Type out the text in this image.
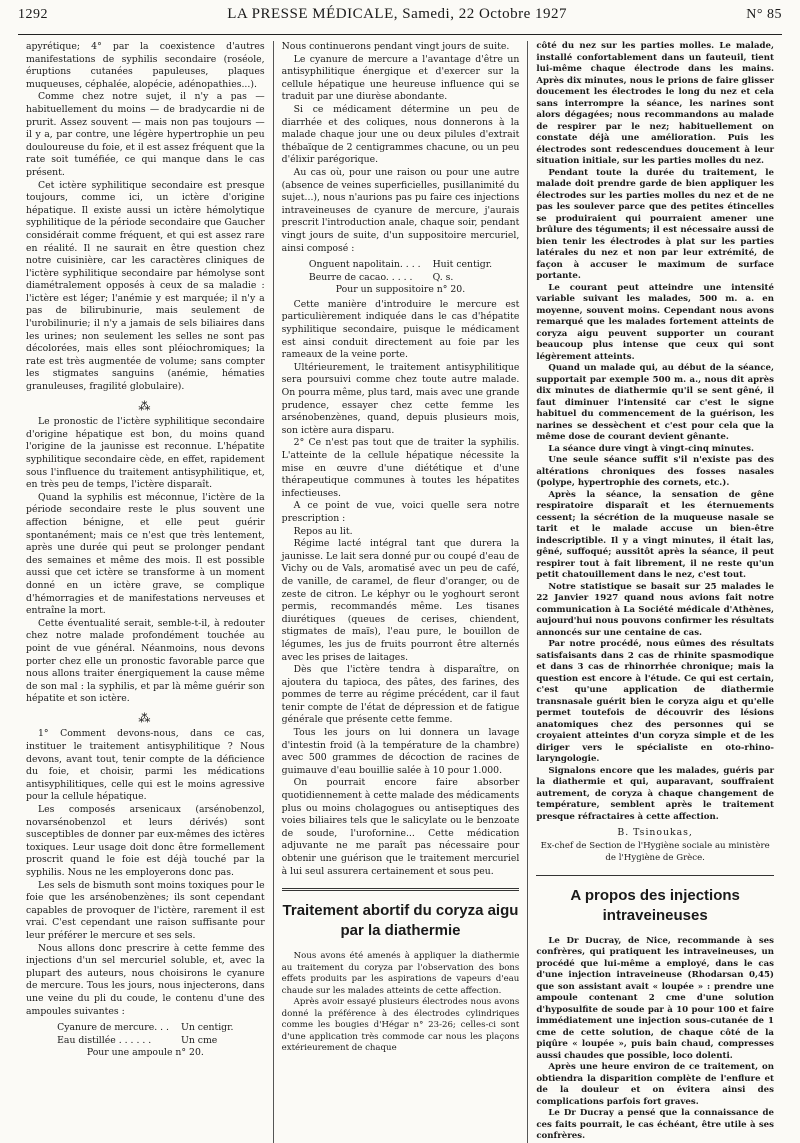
1292	LA PRESSE MÉDICALE, Samedi, 22 Octobre 1927	N° 85

apyrétique; 4° par la coexistence d'autres manifestations de syphilis secondaire (roséole, éruptions cutanées papuleuses, plaques muqueuses, céphalée, alopécie, adénopathies...).

Comme chez notre sujet, il n'y a pas — habituellement du moins — de bradycardie ni de prurit. Assez souvent — mais non pas toujours — il y a, par contre, une légère hypertrophie un peu douloureuse du foie, et il est assez fréquent que la rate soit tuméfiée, ce qui manque dans le cas présent.

Cet ictère syphilitique secondaire est presque toujours, comme ici, un ictère d'origine hépatique. Il existe aussi un ictère hémolytique syphilitique de la période secondaire que Gaucher considérait comme fréquent, et qui est assez rare en réalité. Il ne saurait en être question chez notre cuisinière, car les caractères cliniques de l'ictère syphilitique secondaire par hémolyse sont diamétralement opposés à ceux de sa maladie : l'ictère est léger; l'anémie y est marquée; il n'y a pas de bilirubinurie, mais seulement de l'urobilinurie; il n'y a jamais de sels biliaires dans les urines; non seulement les selles ne sont pas décolorées, mais elles sont pléiochromiques; la rate est très augmentée de volume; sans compter les stigmates sanguins (anémie, hématies granuleuses, fragilité globulaire).

⁂

Le pronostic de l'ictère syphilitique secondaire d'origine hépatique est bon, du moins quand l'origine de la jaunisse est reconnue. L'hépatite syphilitique secondaire cède, en effet, rapidement sous l'influence du traitement antisyphilitique, et, en très peu de temps, l'ictère disparaît.

Quand la syphilis est méconnue, l'ictère de la période secondaire reste le plus souvent une affection bénigne, et elle peut guérir spontanément; mais ce n'est que très lentement, après une durée qui peut se prolonger pendant des semaines et même des mois. Il est possible aussi que cet ictère se transforme à un moment donné en un ictère grave, se complique d'hémorragies et de manifestations nerveuses et entraîne la mort.

Cette éventualité serait, semble-t-il, à redouter chez notre malade profondément touchée au point de vue général. Néanmoins, nous devons porter chez elle un pronostic favorable parce que nous allons traiter énergiquement la cause même de son mal : la syphilis, et par là même guérir son hépatite et son ictère.

⁂

1° Comment devons-nous, dans ce cas, instituer le traitement antisyphilitique ? Nous devons, avant tout, tenir compte de la déficience du foie, et choisir, parmi les médications antisyphilitiques, celle qui est le moins agressive pour la cellule hépatique.

Les composés arsenicaux (arsénobenzol, novarsénobenzol et leurs dérivés) sont susceptibles de donner par eux-mêmes des ictères toxiques. Leur usage doit donc être formellement proscrit quand le foie est déjà touché par la syphilis. Nous ne les employerons donc pas.

Les sels de bismuth sont moins toxiques pour le foie que les arsénobenzènes; ils sont cependant capables de provoquer de l'ictère, rarement il est vrai. C'est cependant une raison suffisante pour leur préférer le mercure et ses sels.

Nous allons donc prescrire à cette femme des injections d'un sel mercuriel soluble, et, avec la plupart des auteurs, nous choisirons le cyanure de mercure. Tous les jours, nous injecterons, dans une veine du pli du coude, le contenu d'une des ampoules suivantes :

Cyanure de mercure. . . Un centigr.
Eau distillée . . . . . .	Un cme
Pour une ampoule n° 20.

Nous continuerons pendant vingt jours de suite.

Le cyanure de mercure a l'avantage d'être un antisyphilitique énergique et d'exercer sur la cellule hépatique une heureuse influence qui se traduit par une diurèse abondante.

Si ce médicament détermine un peu de diarrhée et des coliques, nous donnerons à la malade chaque jour une ou deux pilules d'extrait thébaïque de 2 centigrammes chacune, ou un peu d'élixir parégorique.

Au cas où, pour une raison ou pour une autre (absence de veines superficielles, pusillanimité du sujet...), nous n'aurions pas pu faire ces injections intraveineuses de cyanure de mercure, j'aurais prescrit l'introduction anale, chaque soir, pendant vingt jours de suite, d'un suppositoire mercuriel, ainsi composé :

Onguent napolitain. . . . Huit centigr.
Beurre de cacao. . . . .	Q. s.
Pour un suppositoire n° 20.

Cette manière d'introduire le mercure est particulièrement indiquée dans le cas d'hépatite syphilitique secondaire, puisque le médicament est ainsi conduit directement au foie par les rameaux de la veine porte.

Ultérieurement, le traitement antisyphilitique sera poursuivi comme chez toute autre malade. On pourra même, plus tard, mais avec une grande prudence, essayer chez cette femme les arsénobenzènes, quand, depuis plusieurs mois, son ictère aura disparu.

2° Ce n'est pas tout que de traiter la syphilis. L'atteinte de la cellule hépatique nécessite la mise en œuvre d'une diététique et d'une thérapeutique communes à toutes les hépatites infectieuses.

A ce point de vue, voici quelle sera notre prescription :

Repos au lit.

Régime lacté intégral tant que durera la jaunisse. Le lait sera donné pur ou coupé d'eau de Vichy ou de Vals, aromatisé avec un peu de café, de vanille, de caramel, de fleur d'oranger, ou de zeste de citron. Le képhyr ou le yoghourt seront permis, recommandés même. Les tisanes diurétiques (queues de cerises, chiendent, stigmates de maïs), l'eau pure, le bouillon de légumes, les jus de fruits pourront être alternés avec les prises de laitages.

Dès que l'ictère tendra à disparaître, on ajoutera du tapioca, des pâtes, des farines, des pommes de terre au régime précédent, car il faut tenir compte de l'état de dépression et de fatigue générale que présente cette femme.

Tous les jours on lui donnera un lavage d'intestin froid (à la température de la chambre) avec 500 grammes de décoction de racines de guimauve d'eau bouillie salée à 10 pour 1.000.

On pourrait encore faire absorber quotidiennement à cette malade des médicaments plus ou moins cholagogues ou antiseptiques des voies biliaires tels que le salicylate ou le benzoate de soude, l'urofornine... Cette médication adjuvante ne me paraît pas nécessaire pour obtenir une guérison que le traitement mercuriel à lui seul assurera certainement et sous peu.

Traitement abortif du coryza aigu par la diathermie

Nous avons été amenés à appliquer la diathermie au traitement du coryza par l'observation des bons effets produits par les aspirations de vapeurs d'eau chaude sur les malades atteints de cette affection.

Après avoir essayé plusieurs électrodes nous avons donné la préférence à des électrodes cylindriques comme les bougies d'Hégar n° 23-26; celles-ci sont d'une application très commode car nous les plaçons extérieurement de chaque

côté du nez sur les parties molles. Le malade, installé confortablement dans un fauteuil, tient lui-même chaque électrode dans les mains. Après dix minutes, nous le prions de faire glisser doucement les électrodes le long du nez et cela sans interrompre la séance, les narines sont alors dégagées; nous recommandons au malade de respirer par le nez; habituellement on constate déjà une amélioration. Puis les électrodes sont redescendues doucement à leur situation initiale, sur les parties molles du nez.

Pendant toute la durée du traitement, le malade doit prendre garde de bien appliquer les électrodes sur les parties molles du nez et de ne pas les soulever parce que des petites étincelles se produiraient qui pourraient amener une brûlure des téguments; il est nécessaire aussi de bien tenir les électrodes à plat sur les parties latérales du nez et non par leur extrémité, de façon à accuser le maximum de surface portante.

Le courant peut atteindre une intensité variable suivant les malades, 500 m. a. en moyenne, souvent moins. Cependant nous avons remarqué que les malades fortement atteints de coryza aigu peuvent supporter un courant beaucoup plus intense que ceux qui sont légèrement atteints.

Quand un malade qui, au début de la séance, supportait par exemple 500 m. a., nous dit après dix minutes de diathermie qu'il se sent gêné, il faut diminuer l'intensité car c'est le signe habituel du commencement de la guérison, les narines se dessèchent et c'est pour cela que la même dose de courant devient gênante.

La séance dure vingt à vingt-cinq minutes.

Une seule séance suffit s'il n'existe pas des altérations chroniques des fosses nasales (polype, hypertrophie des cornets, etc.).

Après la séance, la sensation de gêne respiratoire disparaît et les éternuements cessent; la sécrétion de la muqueuse nasale se tarit et le malade accuse un bien-être indescriptible. Il y a vingt minutes, il était las, gêné, suffoqué; aussitôt après la séance, il peut respirer tout à fait librement, il ne reste qu'un petit chatouillement dans le nez, c'est tout.

Notre statistique se basait sur 25 malades le 22 Janvier 1927 quand nous avions fait notre communication à La Société médicale d'Athènes, aujourd'hui nous pouvons confirmer les résultats annoncés sur une centaine de cas.

Par notre procédé, nous eûmes des résultats satisfaisants dans 2 cas de rhinite spasmodique et dans 3 cas de rhinorrhée chronique; mais la question est encore à l'étude. Ce qui est certain, c'est qu'une application de diathermie transnasale guérit bien le coryza aigu et qu'elle permet toutefois de découvrir des lésions anatomiques chez des personnes qui se croyaient atteintes d'un coryza simple et de les diriger vers le spécialiste en oto-rhino-laryngologie.

Signalons encore que les malades, guéris par la diathermie et qui, auparavant, souffraient autrement, de coryza à chaque changement de température, semblent après le traitement presque réfractaires à cette affection.

B. Tsinoukas,
Ex-chef de Section de l'Hygiène sociale au ministère de l'Hygiène de Grèce.
A propos des injections intraveineuses

Le Dr Ducray, de Nice, recommande à ses confrères, qui pratiquent les intraveineuses, un procédé que lui-même a employé, dans le cas d'une injection intraveineuse (Rhodarsan 0,45) que son assistant avait « loupée » : prendre une ampoule contenant 2 cme d'une solution d'hyposulfite de soude par à 10 pour 100 et faire immédiatement une injection sous-cutanée de 1 cme de cette solution, de chaque côté de la piqûre « loupée », puis bain chaud, compresses aussi chaudes que possible, loco dolenti.

Après une heure environ de ce traitement, on obtiendra la disparition complète de l'enflure et de la douleur et on évitera ainsi des complications parfois fort graves.

Le Dr Ducray a pensé que la connaissance de ces faits pourrait, le cas échéant, être utile à ses confrères.
